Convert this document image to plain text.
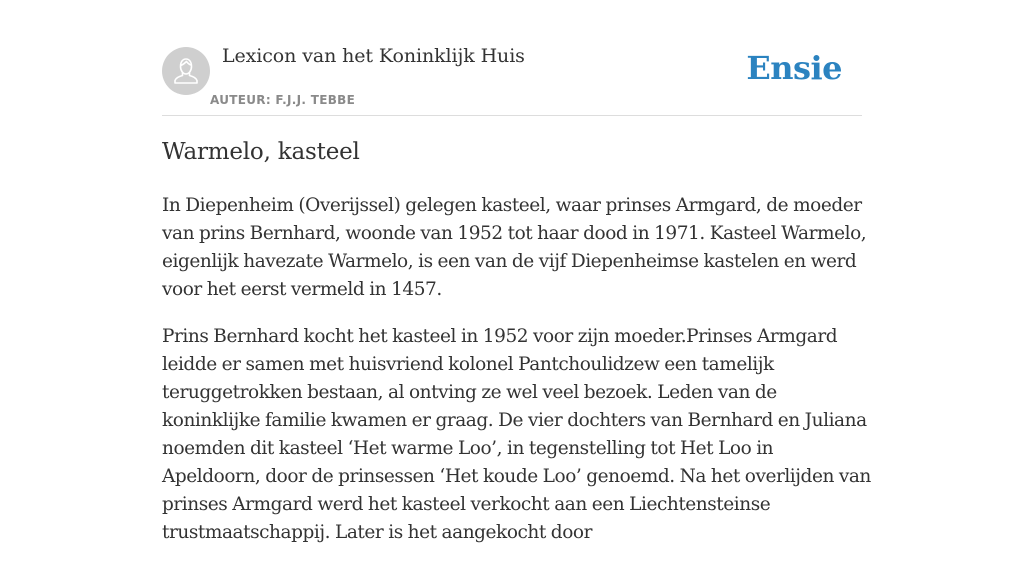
Lexicon van het Koninklijk Huis
AUTEUR: F.J.J. TEBBE
Ensie
Warmelo, kasteel

In Diepenheim (Overijssel) gelegen kasteel, waar prinses Armgard, de moeder van prins Bernhard, woonde van 1952 tot haar dood in 1971. Kasteel Warmelo, eigenlijk havezate Warmelo, is een van de vijf Diepenheimse kastelen en werd voor het eerst vermeld in 1457.

Prins Bernhard kocht het kasteel in 1952 voor zijn moeder.Prinses Armgard leidde er samen met huisvriend kolonel Pantchoulidzew een tamelijk teruggetrokken bestaan, al ontving ze wel veel bezoek. Leden van de koninklijke familie kwamen er graag. De vier dochters van Bernhard en Juliana noemden dit kasteel ‘Het warme Loo’, in tegenstelling tot Het Loo in Apeldoorn, door de prinsessen ‘Het koude Loo’ genoemd. Na het overlijden van prinses Armgard werd het kasteel verkocht aan een Liechtensteinse trustmaatschappij. Later is het aangekocht door
